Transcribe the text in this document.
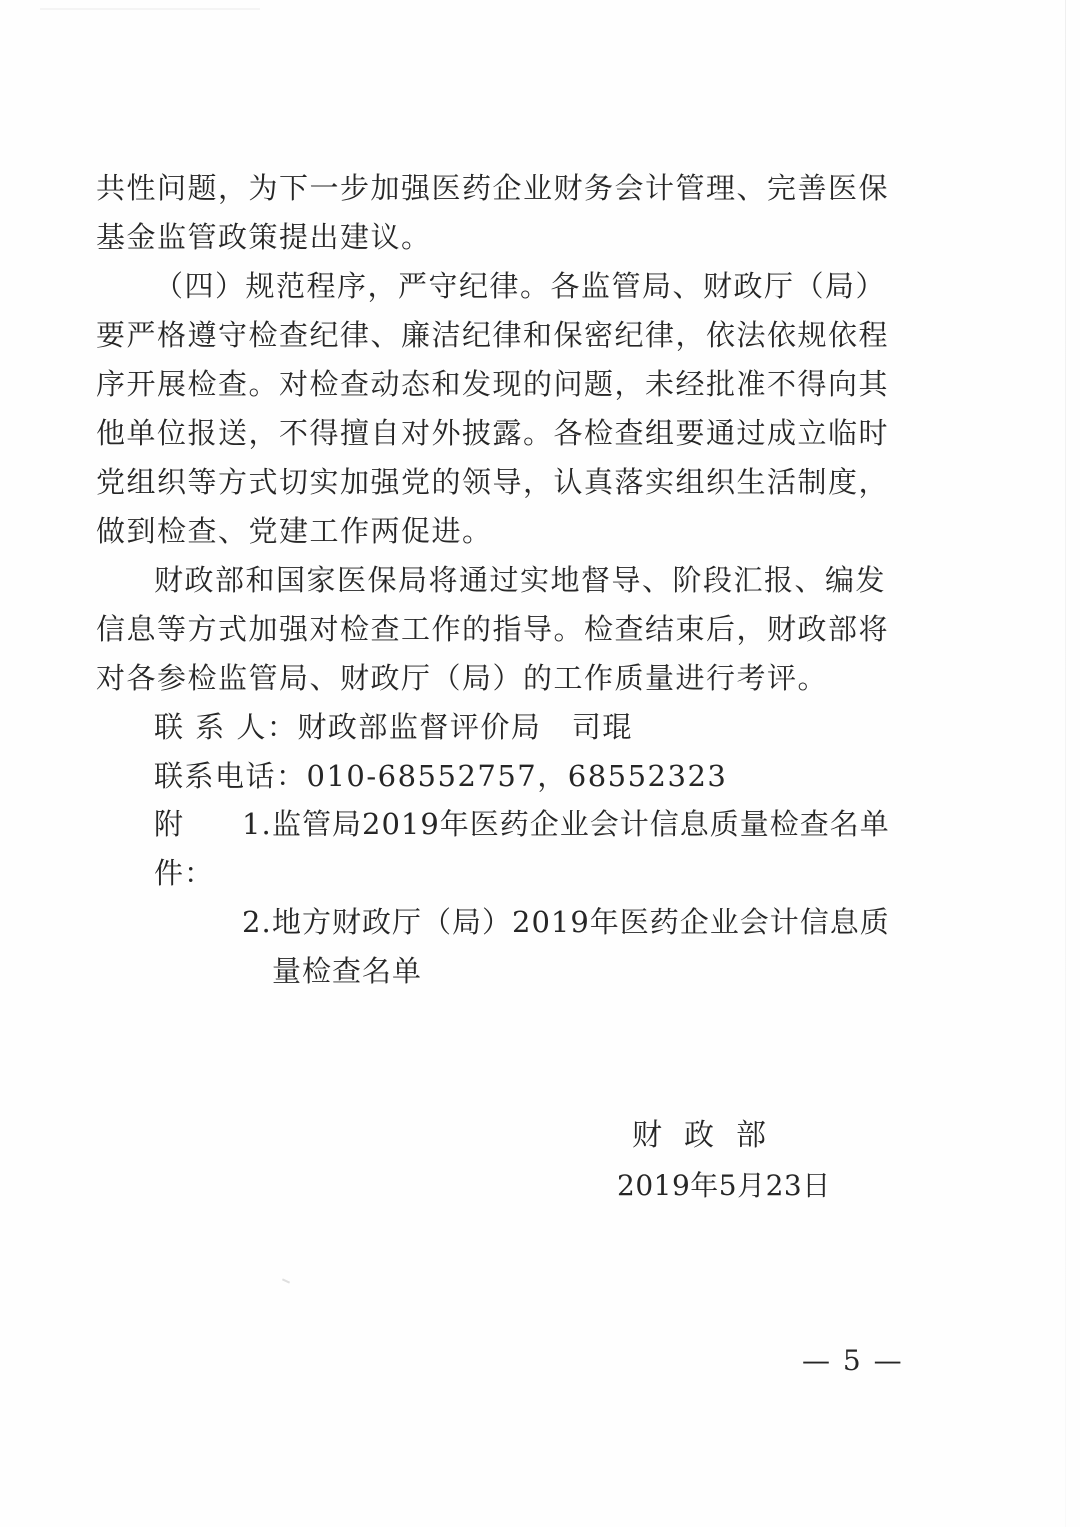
共性问题，为下一步加强医药企业财务会计管理、完善医保基金监管政策提出建议。

（四）规范程序，严守纪律。各监管局、财政厅（局）要严格遵守检查纪律、廉洁纪律和保密纪律，依法依规依程序开展检查。对检查动态和发现的问题，未经批准不得向其他单位报送，不得擅自对外披露。各检查组要通过成立临时党组织等方式切实加强党的领导，认真落实组织生活制度，做到检查、党建工作两促进。

财政部和国家医保局将通过实地督导、阶段汇报、编发信息等方式加强对检查工作的指导。检查结束后，财政部将对各参检监管局、财政厅（局）的工作质量进行考评。

联 系 人：财政部监督评价局　司琨

联系电话：010-68552757，68552323

附件：
1. 监管局2019年医药企业会计信息质量检查名单
2. 地方财政厅（局）2019年医药企业会计信息质量检查名单
财政部
2019年5月23日
— 5 —
